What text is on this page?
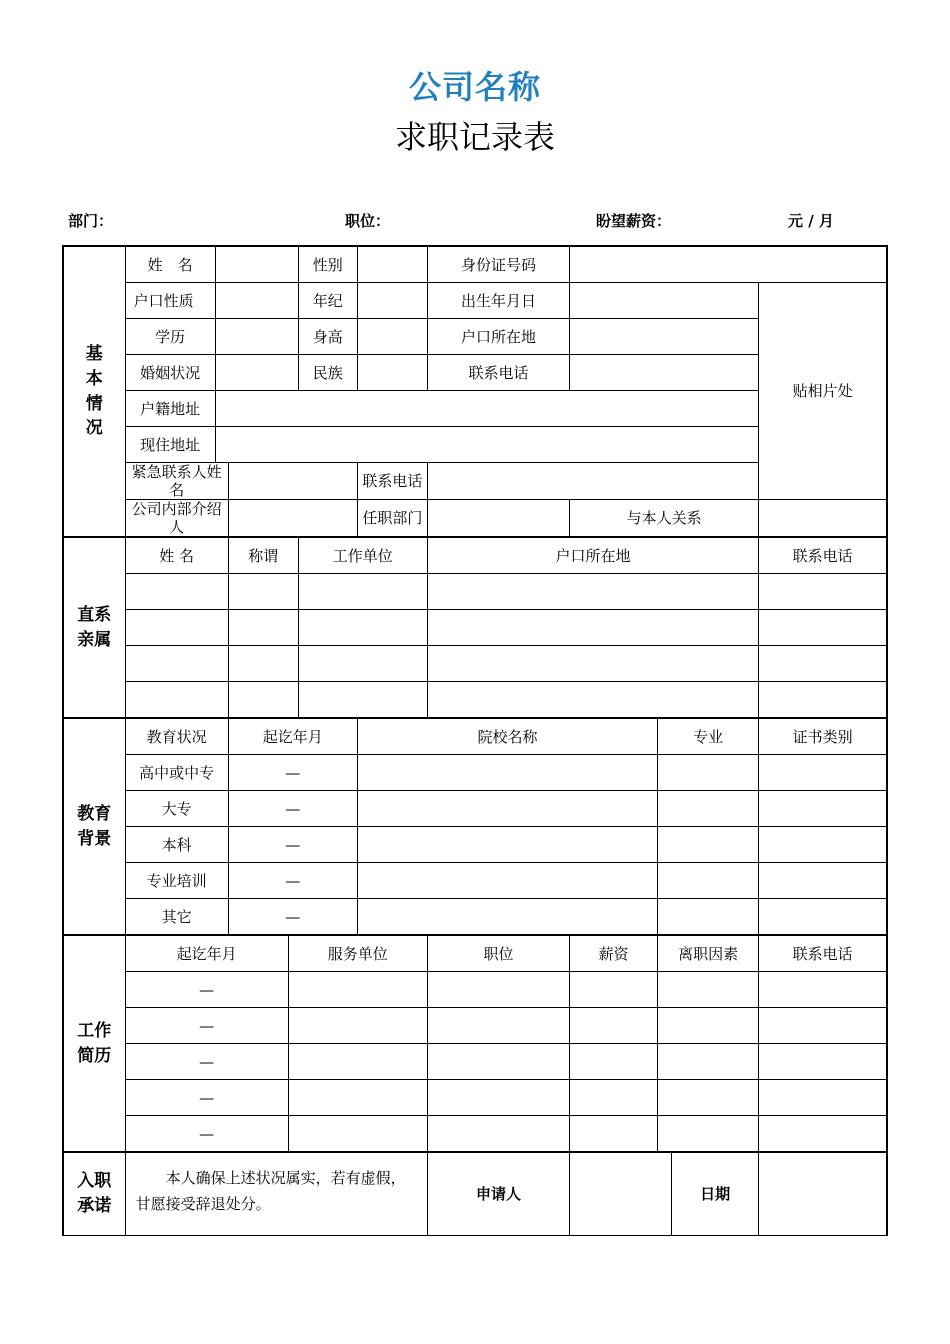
公司名称
求职记录表
部门：	职位：	盼望薪资：	元 / 月
基本情况	姓　名				性别		身份证号码				
	户口性质				年纪		出生年月日				贴相片处
	学历				身高		户口所在地				
	婚姻状况				民族		联系电话				
	户籍地址										
	现住地址										
	紧急联系人姓名					联系电话					
	公司内部介绍人					任职部门		与本人关系			
直系亲属	姓 名		称谓		工作单位		户口所在地				联系电话

教育背景	教育状况		起讫年月			院校名称			专业		证书类别
	高中或中专		—								
	大专		—								
	本科		—								
	专业培训		—								
	其它		—								
工作简历	起讫年月			服务单位			职位	薪资	离职因素		联系电话
	—										
	—										
	—										
	—										
	—										
入职承诺	　　本人确保上述状况属实，若有虚假，甘愿接受辞退处分。						申请人			日期	
